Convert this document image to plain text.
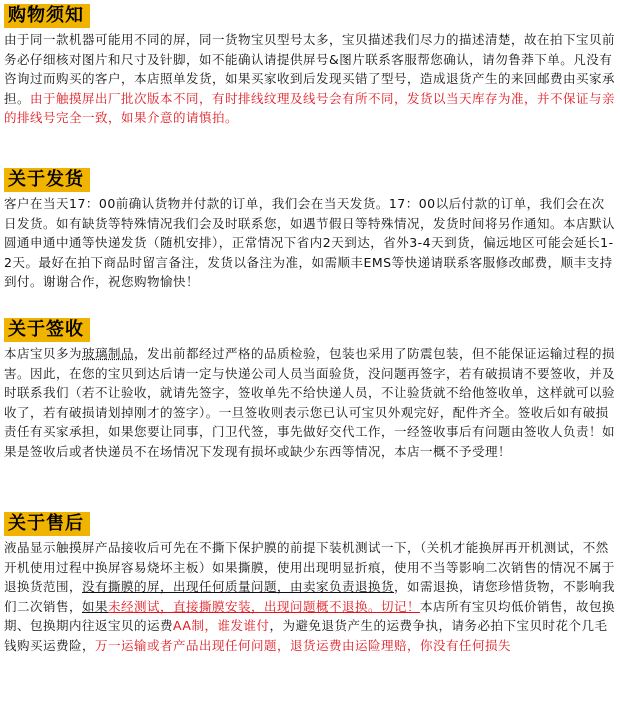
购物须知
由于同一款机器可能用不同的屏，同一货物宝贝型号太多，宝贝描述我们尽力的描述清楚，故在拍下宝贝前务必仔细核对图片和尺寸及针脚，如不能确认请提供屏号&图片联系客服帮您确认，请勿鲁莽下单。凡没有咨询过而购买的客户，本店照单发货，如果买家收到后发现买错了型号，造成退货产生的来回邮费由买家承担。由于触摸屏出厂批次版本不同，有时排线纹理及线号会有所不同，发货以当天库存为准，并不保证与亲的排线号完全一致，如果介意的请慎拍。
关于发货
客户在当天17：00前确认货物并付款的订单，我们会在当天发货。17：00以后付款的订单，我们会在次日发货。如有缺货等特殊情况我们会及时联系您，如遇节假日等特殊情况，发货时间将另作通知。本店默认圆通申通中通等快递发货（随机安排），正常情况下省内2天到达，省外3-4天到货，偏远地区可能会延长1-2天。最好在拍下商品时留言备注，发货以备注为准，如需顺丰EMS等快递请联系客服修改邮费，顺丰支持到付。谢谢合作，祝您购物愉快！
关于签收
本店宝贝多为玻璃制品，发出前都经过严格的品质检验，包装也采用了防震包装，但不能保证运输过程的损害。因此，在您的宝贝到达后请一定与快递公司人员当面验货，没问题再签字，若有破损请不要签收，并及时联系我们（若不让验收，就请先签字，签收单先不给快递人员，不让验货就不给他签收单，这样就可以验收了，若有破损请划掉刚才的签字）。一旦签收则表示您已认可宝贝外观完好，配件齐全。签收后如有破损责任有买家承担，如果您要让同事，门卫代签，事先做好交代工作，一经签收事后有问题由签收人负责！如果是签收后或者快递员不在场情况下发现有损坏或缺少东西等情况，本店一概不予受理！
关于售后
液晶显示触摸屏产品接收后可先在不撕下保护膜的前提下装机测试一下，（关机才能换屏再开机测试，不然开机使用过程中换屏容易烧坏主板）如果撕膜，使用出现明显折痕，使用不当等影响二次销售的情况不属于退换货范围，没有撕膜的屏，出现任何质量问题，由卖家负责退换货，如需退换，请您珍惜货物，不影响我们二次销售，如果未经测试，直接撕膜安装，出现问题概不退换。切记！本店所有宝贝均低价销售，故包换期、包换期内往返宝贝的运费AA制，谁发谁付，为避免退货产生的运费争执，请务必拍下宝贝时花个几毛钱购买运费险，万一运输或者产品出现任何问题，退货运费由运险理赔，你没有任何损失
